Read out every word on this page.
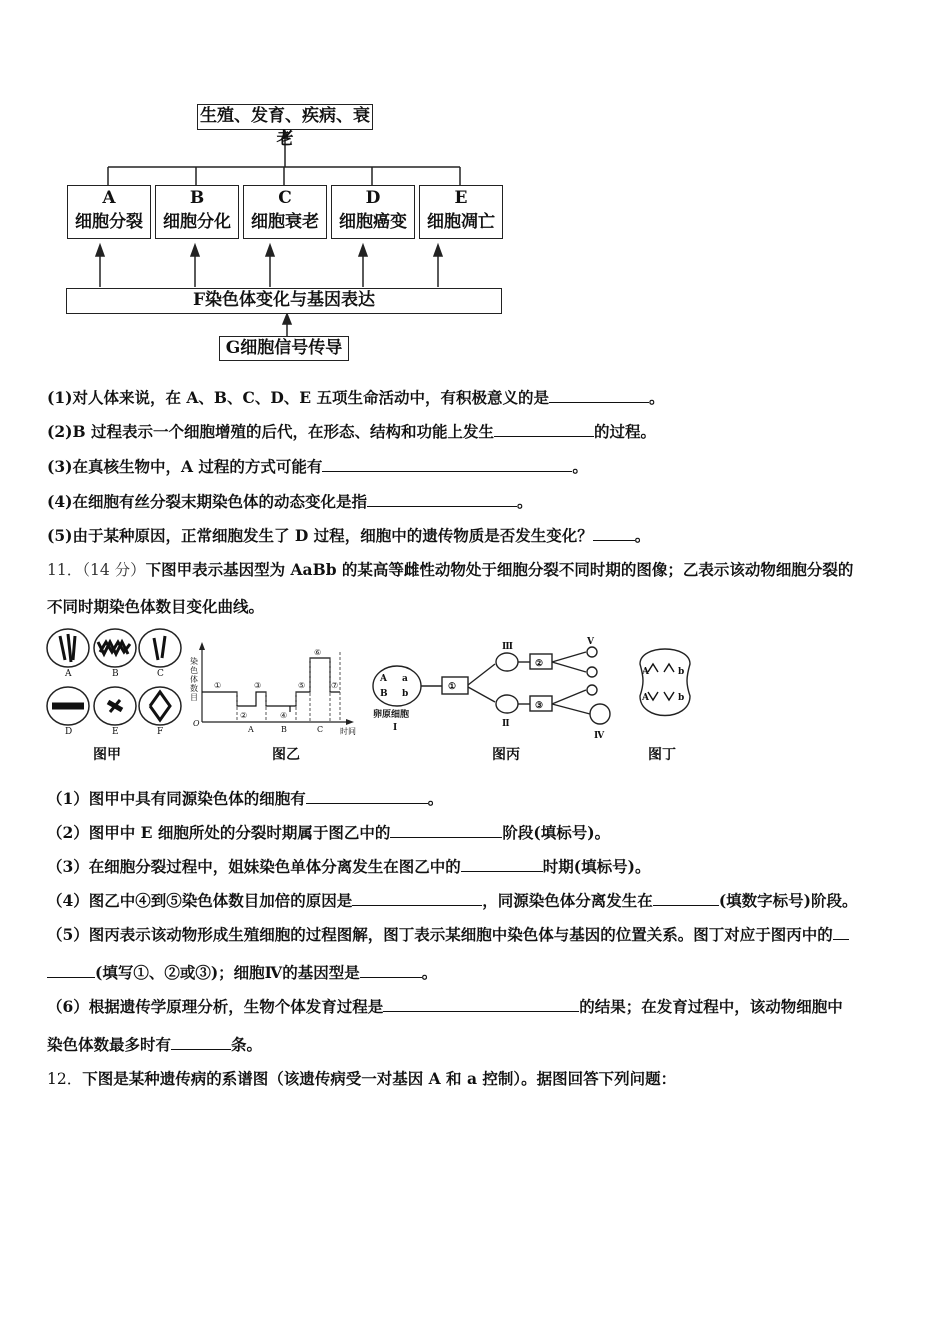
生殖、发育、疾病、衰老
A
细胞分裂
B
细胞分化
C
细胞衰老
D
细胞癌变
E
细胞凋亡
F染色体变化与基因表达
G细胞信号传导
(1)对人体来说，在 A、B、C、D、E 五项生命活动中，有积极意义的是	。
(2)B 过程表示一个细胞增殖的后代，在形态、结构和功能上发生	的过程。
(3)在真核生物中，A 过程的方式可能有	。
(4)在细胞有丝分裂末期染色体的动态变化是指	。
(5)由于某种原因，正常细胞发生了 D 过程，细胞中的遗传物质是否发生变化？	。
11．（14 分）下图甲表示基因型为 AaBb 的某高等雌性动物处于细胞分裂不同时期的图像；乙表示该动物细胞分裂的
不同时期染色体数目变化曲线。
A	B	C
D	E	F
染
色
体
数
目
O
A	B	C 时间
①
②
③
④
⑤
⑥
⑦
A a
B b
①
②
③
Ⅲ
Ⅱ
Ⅴ
Ⅳ
卵原细胞
Ⅰ
A	b
A	b
图甲	图乙	图丙	图丁
（1）图甲中具有同源染色体的细胞有	。
（2）图甲中 E 细胞所处的分裂时期属于图乙中的	阶段(填标号)。
（3）在细胞分裂过程中，姐妹染色单体分离发生在图乙中的	时期(填标号)。
（4）图乙中④到⑤染色体数目加倍的原因是	，同源染色体分离发生在	(填数字标号)阶段。
（5）图丙表示该动物形成生殖细胞的过程图解，图丁表示某细胞中染色体与基因的位置关系。图丁对应于图丙中的
(填写①、②或③)；细胞Ⅳ的基因型是	。
（6）根据遗传学原理分析，生物个体发育过程是	的结果；在发育过程中，该动物细胞中
染色体数最多时有	条。
12．下图是某种遗传病的系谱图（该遗传病受一对基因 A 和 a 控制）。据图回答下列问题：
